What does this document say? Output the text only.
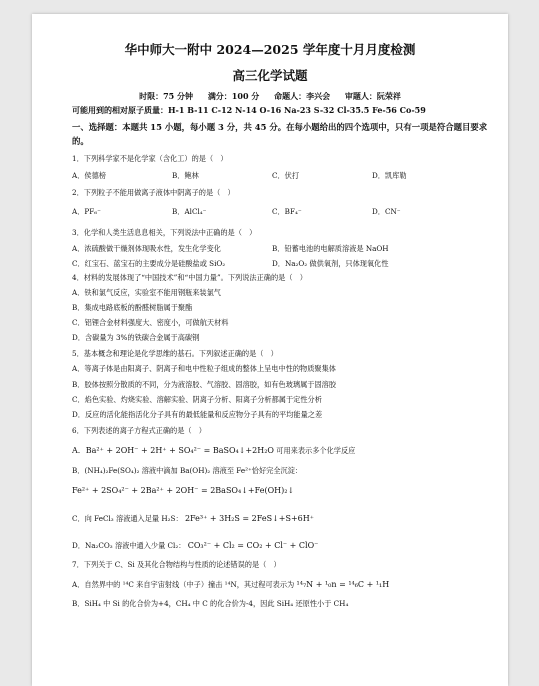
华中师大一附中 2024—2025 学年度十月月度检测
高三化学试题
时限：75 分钟 满分：100 分 命题人：李兴会 审题人：阮荣祥
可能用到的相对原子质量：H-1 B-11 C-12 N-14 O-16 Na-23 S-32 Cl-35.5 Fe-56 Co-59
一、选择题：本题共 15 小题，每小题 3 分，共 45 分。在每小题给出的四个选项中，只有一项是符合题目要求的。
1．下列科学家不是化学家（含化工）的是（　）
A．侯德榜	B．鲍林	C．伏打	D．凯库勒
2．下列粒子不能用做离子液体中阴离子的是（　）
A．PF₆⁻	B．AlCl₄⁻	C．BF₄⁻	D．CN⁻
3．化学和人类生活息息相关，下列说法中正确的是（　）
A．浓硫酸做干燥剂体现吸水性，发生化学变化	B．铅蓄电池的电解质溶液是 NaOH
C．红宝石、蓝宝石的主要成分是硅酸盐或 SiO₂	D．Na₂O₂ 做供氧剂，只体现氧化性
4．材料的发展体现了“中国技术”和“中国力量”。下列说法正确的是（　）
A．铁和氯气反应，实验室不能用钢瓶来装氯气
B．集成电路底板的酚醛树脂属于聚酯
C．铝锂合金材料强度大、密度小，可做航天材料
D．含碳量为 3%的铁碳合金属于高碳钢
5．基本概念和理论是化学思维的基石。下列叙述正确的是（　）
A．等离子体是由阳离子、阴离子和电中性粒子组成的整体上呈电中性的物质聚集体
B．胶体按照分散质的不同，分为液溶胶、气溶胶、固溶胶，如有色玻璃属于固溶胶
C．焰色实验、灼烧实验、溶解实验、阴离子分析、阳离子分析都属于定性分析
D．反应的活化能指活化分子具有的最低能量和反应物分子具有的平均能量之差
6．下列表述的离子方程式正确的是（　）
A．Ba²⁺ + 2OH⁻ + 2H⁺ + SO₄²⁻ = BaSO₄↓+2H₂O 可用来表示多个化学反应
B．(NH₄)₂Fe(SO₄)₂ 溶液中滴加 Ba(OH)₂ 溶液至 Fe²⁺恰好完全沉淀：
Fe²⁺ + 2SO₄²⁻ + 2Ba²⁺ + 2OH⁻ = 2BaSO₄↓+Fe(OH)₂↓
C．向 FeCl₃ 溶液通入足量 H₂S： 2Fe³⁺ + 3H₂S = 2FeS↓+S+6H⁺
D．Na₂CO₃ 溶液中通入少量 Cl₂： CO₃²⁻ + Cl₂ = CO₂ + Cl⁻ + ClO⁻
7．下列关于 C、Si 及其化合物结构与性质的论述错误的是（　）
A．自然界中的 ¹⁴C 来自宇宙射线（中子）撞击 ¹⁴N，其过程可表示为 ¹⁴₇N + ¹₀n = ¹⁴₆C + ¹₁H
B．SiH₄ 中 Si 的化合价为+4，CH₄ 中 C 的化合价为-4，因此 SiH₄ 还原性小于 CH₄
